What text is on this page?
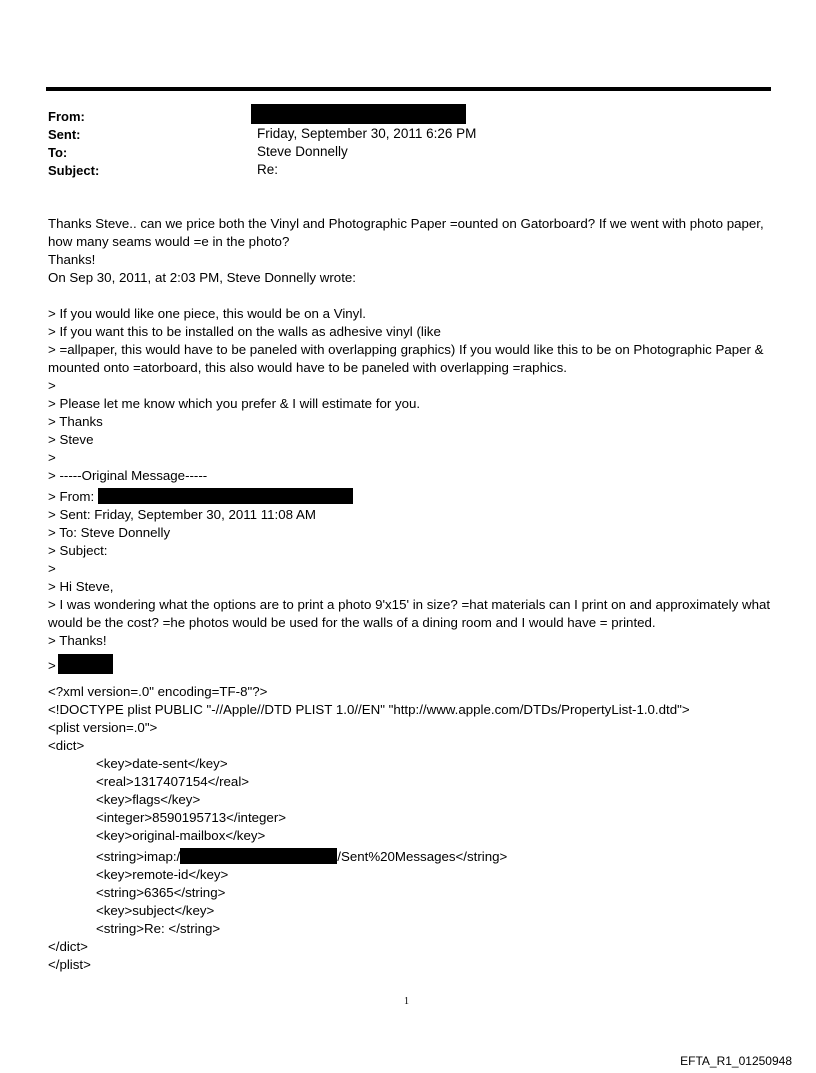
From:
Sent:	Friday, September 30, 2011 6:26 PM
To:	Steve Donnelly
Subject:	Re:

Thanks Steve.. can we price both the Vinyl and Photographic Paper =ounted on Gatorboard? If we went with photo paper, how many seams would =e in the photo?

Thanks!

On Sep 30, 2011, at 2:03 PM, Steve Donnelly wrote:

> If you would like one piece, this would be on a Vinyl.

> If you want this to be installed on the walls as adhesive vinyl (like

> =allpaper, this would have to be paneled with overlapping graphics) If you would like this to be on Photographic Paper & mounted onto =atorboard, this also would have to be paneled with overlapping =raphics.

>

> Please let me know which you prefer & I will estimate for you.

> Thanks

> Steve

>

> -----Original Message-----

> From:

> Sent: Friday, September 30, 2011 11:08 AM

> To: Steve Donnelly

> Subject:

>

> Hi Steve,

> I was wondering what the options are to print a photo 9'x15' in size? =hat materials can I print on and approximately what would be the cost? =he photos would be used for the walls of a dining room and I would have = printed.

> Thanks!

>

<?xml version=.0" encoding=TF-8"?>
<!DOCTYPE plist PUBLIC "-//Apple//DTD PLIST 1.0//EN" "http://www.apple.com/DTDs/PropertyList-1.0.dtd">
<plist version=.0">
<dict>
<key>date-sent</key>
<real>1317407154</real>
<key>flags</key>
<integer>8590195713</integer>
<key>original-mailbox</key>
<string>imap:/	/Sent%20Messages</string>
<key>remote-id</key>
<string>6365</string>
<key>subject</key>
<string>Re: </string>
</dict>
</plist>
1
EFTA_R1_01250948
